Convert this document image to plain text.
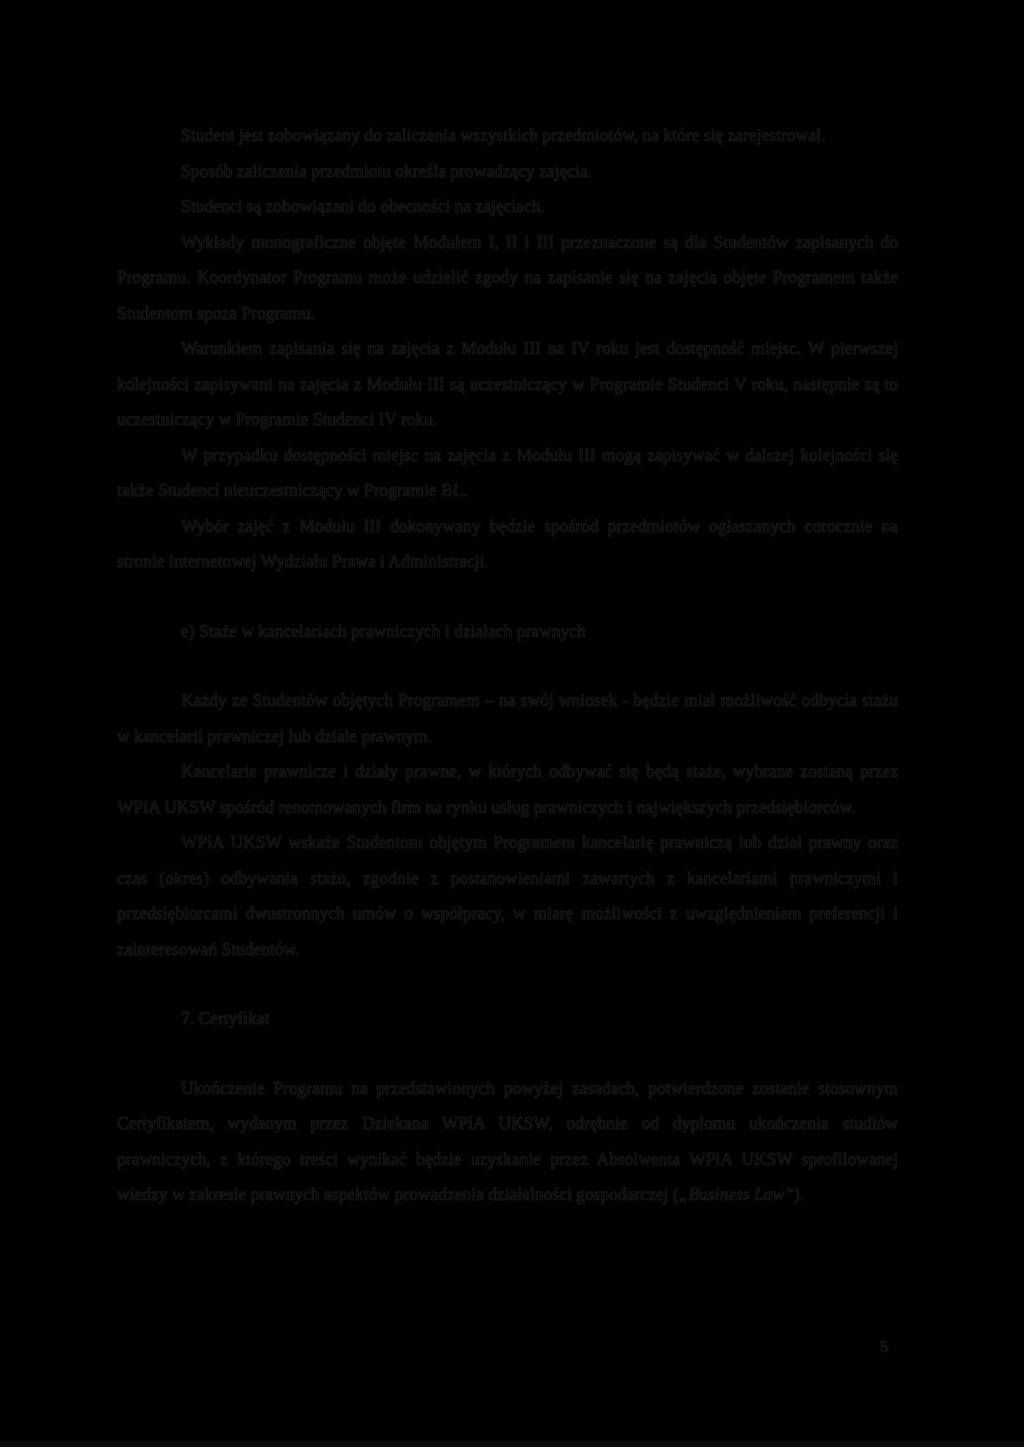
Student jest zobowiązany do zaliczenia wszystkich przedmiotów, na które się zarejestrował.

Sposób zaliczenia przedmiotu określa prowadzący zajęcia.

Studenci są zobowiązani do obecności na zajęciach.

Wykłady monograficzne objęte Modułem I, II i III przeznaczone są dla Studentów zapisanych do Programu. Koordynator Programu może udzielić zgody na zapisanie się na zajęcia objęte Programem także Studentom spoza Programu.

Warunkiem zapisania się na zajęcia z Modułu III na IV roku jest dostępność miejsc. W pierwszej kolejności zapisywani na zajęcia z Modułu III są uczestniczący w Programie Studenci V roku, następnie są to uczestniczący w Programie Studenci IV roku.

W przypadku dostępności miejsc na zajęcia z Modułu III mogą zapisywać w dalszej kolejności się także Studenci nieuczestniczący w Programie BL.

Wybór zajęć z Modułu III dokonywany będzie spośród przedmiotów ogłaszanych corocznie na stronie internetowej Wydziału Prawa i Administracji.

e) Staże w kancelariach prawniczych i działach prawnych

Każdy ze Studentów objętych Programem – na swój wniosek - będzie miał możliwość odbycia stażu w kancelarii prawniczej lub dziale prawnym.

Kancelarie prawnicze i działy prawne, w których odbywać się będą staże, wybrane zostaną przez WPiA UKSW spośród renomowanych firm na rynku usług prawniczych i największych przedsiębiorców.

WPiA UKSW wskaże Studentom objętym Programem kancelarię prawniczą lub dział prawny oraz czas (okres) odbywania stażu, zgodnie z postanowieniami zawartych z kancelariami prawniczymi i przedsiębiorcami dwustronnych umów o współpracy, w miarę możliwości z uwzględnieniem preferencji i zainteresowań Studentów.

7. Certyfikat

Ukończenie Programu na przedstawionych powyżej zasadach, potwierdzone zostanie stosownym Certyfikatem, wydanym przez Dziekana WPiA UKSW, odrębnie od dyplomu ukończenia studiów prawniczych, z którego treści wynikać będzie uzyskanie przez Absolwenta WPiA UKSW sprofilowanej wiedzy w zakresie prawnych aspektów prowadzenia działalności gospodarczej („Business Law”).

5
